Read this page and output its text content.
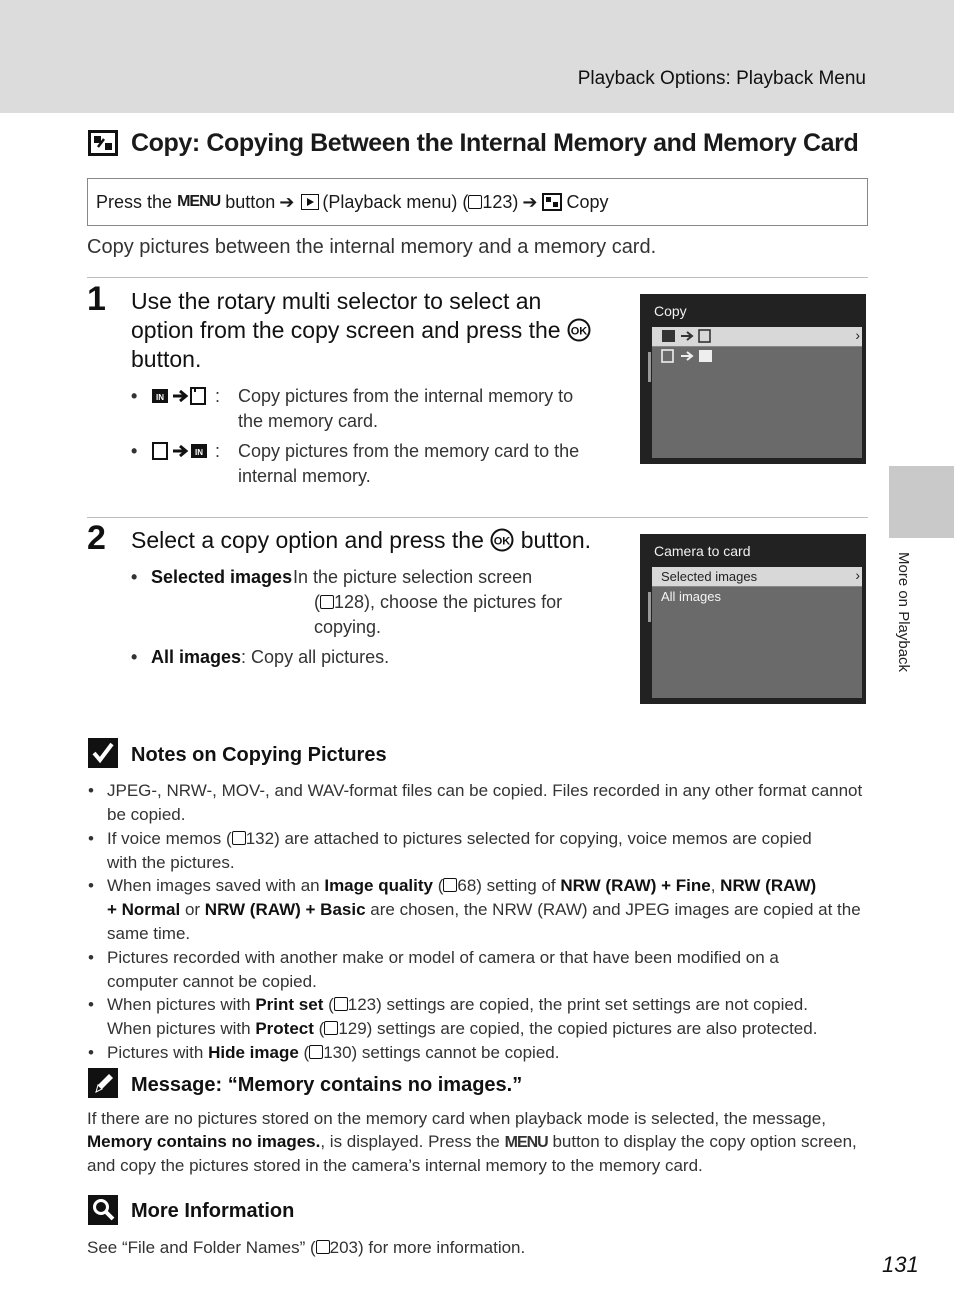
Playback Options: Playback Menu
More on Playback
Copy: Copying Between the Internal Memory and Memory Card
Press the
MENU
button ➔ (Playback menu) ( 123) ➔
Copy
Copy pictures between the internal memory and a memory card.
1 Use the rotary multi selector to select an
option from the copy screen and press the OK
button.
• IN	: Copy pictures from the internal memory to
the memory card.
•	IN : Copy pictures from the memory card to the
internal memory.
Copy
›
2 Select a copy option and press the OK button.
• Selected images
: In the picture selection screen
( 128), choose the pictures for
copying.
• All images: Copy all pictures.
Camera to card
Selected images ›
All images
Notes on Copying Pictures
• JPEG-, NRW-, MOV-, and WAV-format files can be copied. Files recorded in any other format cannot
be copied.
• If voice memos ( 132) are attached to pictures selected for copying, voice memos are copied
with the pictures.
• When images saved with an Image quality ( 68) setting of NRW (RAW) + Fine, NRW (RAW)
+ Normal or NRW (RAW) + Basic are chosen, the NRW (RAW) and JPEG images are copied at the
same time.
• Pictures recorded with another make or model of camera or that have been modified on a
computer cannot be copied.
• When pictures with Print set ( 123) settings are copied, the print set settings are not copied.
When pictures with Protect ( 129) settings are copied, the copied pictures are also protected.
• Pictures with Hide image ( 130) settings cannot be copied.
Message: “Memory contains no images.”
If there are no pictures stored on the memory card when playback mode is selected, the message,
Memory contains no images., is displayed. Press the MENU button to display the copy option screen,
and copy the pictures stored in the camera’s internal memory to the memory card.
More Information
See “File and Folder Names” ( 203) for more information.
131
